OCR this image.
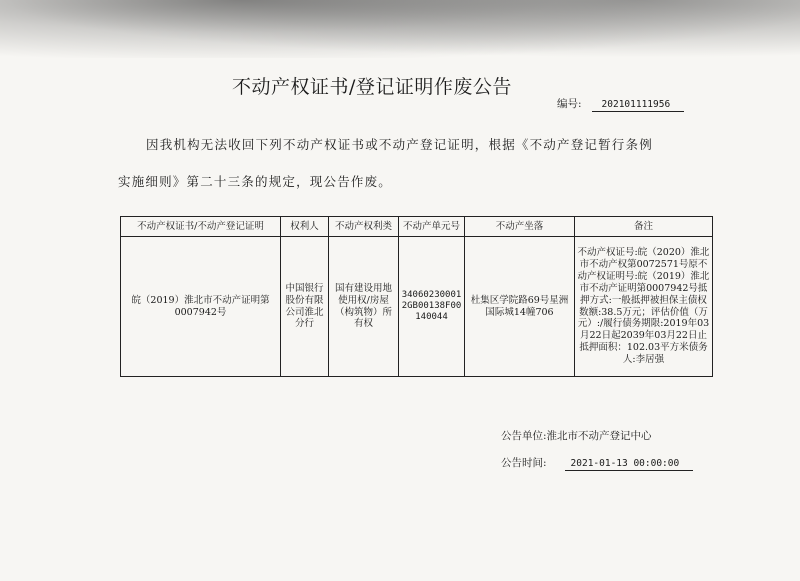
不动产权证书/登记证明作废公告
编号: 202101111956
因我机构无法收回下列不动产权证书或不动产登记证明，根据《不动产登记暂行条例
实施细则》第二十三条的规定，现公告作废。
不动产权证书/不动产登记证明	权利人	不动产权利类	不动产单元号	不动产坐落	备注
皖（2019）淮北市不动产证明第0007942号	中国银行股份有限公司淮北分行	国有建设用地使用权/房屋（构筑物）所有权	340602300012GB00138F00140044	杜集区学院路69号星洲国际城14幢706	不动产权证号:皖（2020）淮北市不动产权第0072571号原不动产权证明号:皖（2019）淮北市不动产证明第0007942号抵押方式:一般抵押被担保主债权数额:38.5万元；评估价值（万元）:/履行债务期限:2019年03月22日起2039年03月22日止抵押面积：102.03平方米债务人:李居强
公告单位:淮北市不动产登记中心
公告时间:	2021-01-13 00:00:00
